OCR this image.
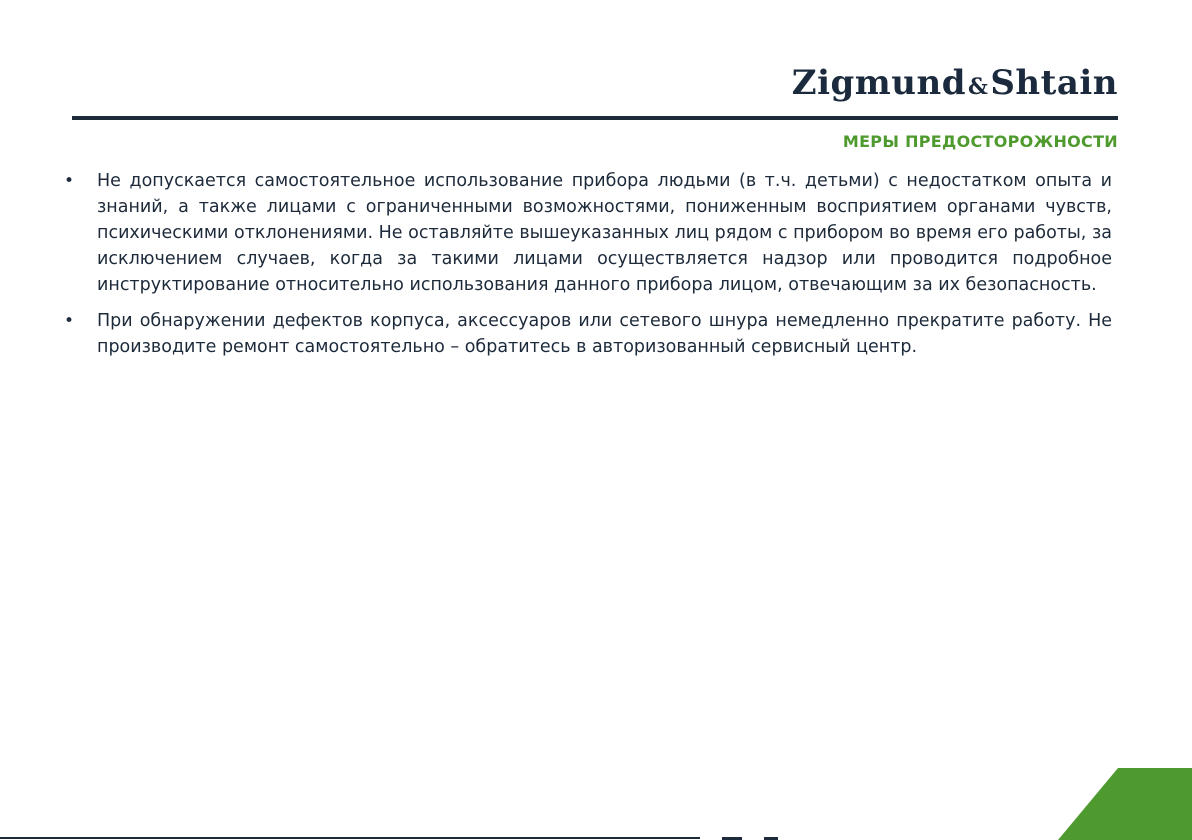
Zigmund&Shtain
МЕРЫ ПРЕДОСТОРОЖНОСТИ
• Не допускается самостоятельное использование прибора людьми (в т.ч. детьми) с недостатком опыта и знаний, а также лицами с ограниченными возможностями, пониженным восприятием органами чувств, психическими отклонениями. Не оставляйте вышеуказанных лиц рядом с прибором во время его работы, за исключением случаев, когда за такими лицами осуществляется надзор или проводится подробное инструктирование относительно использования данного прибора лицом, отвечающим за их безопасность.
• При обнаружении дефектов корпуса, аксессуаров или сетевого шнура немедленно прекратите работу. Не производите ремонт самостоятельно – обратитесь в авторизованный сервисный центр.
